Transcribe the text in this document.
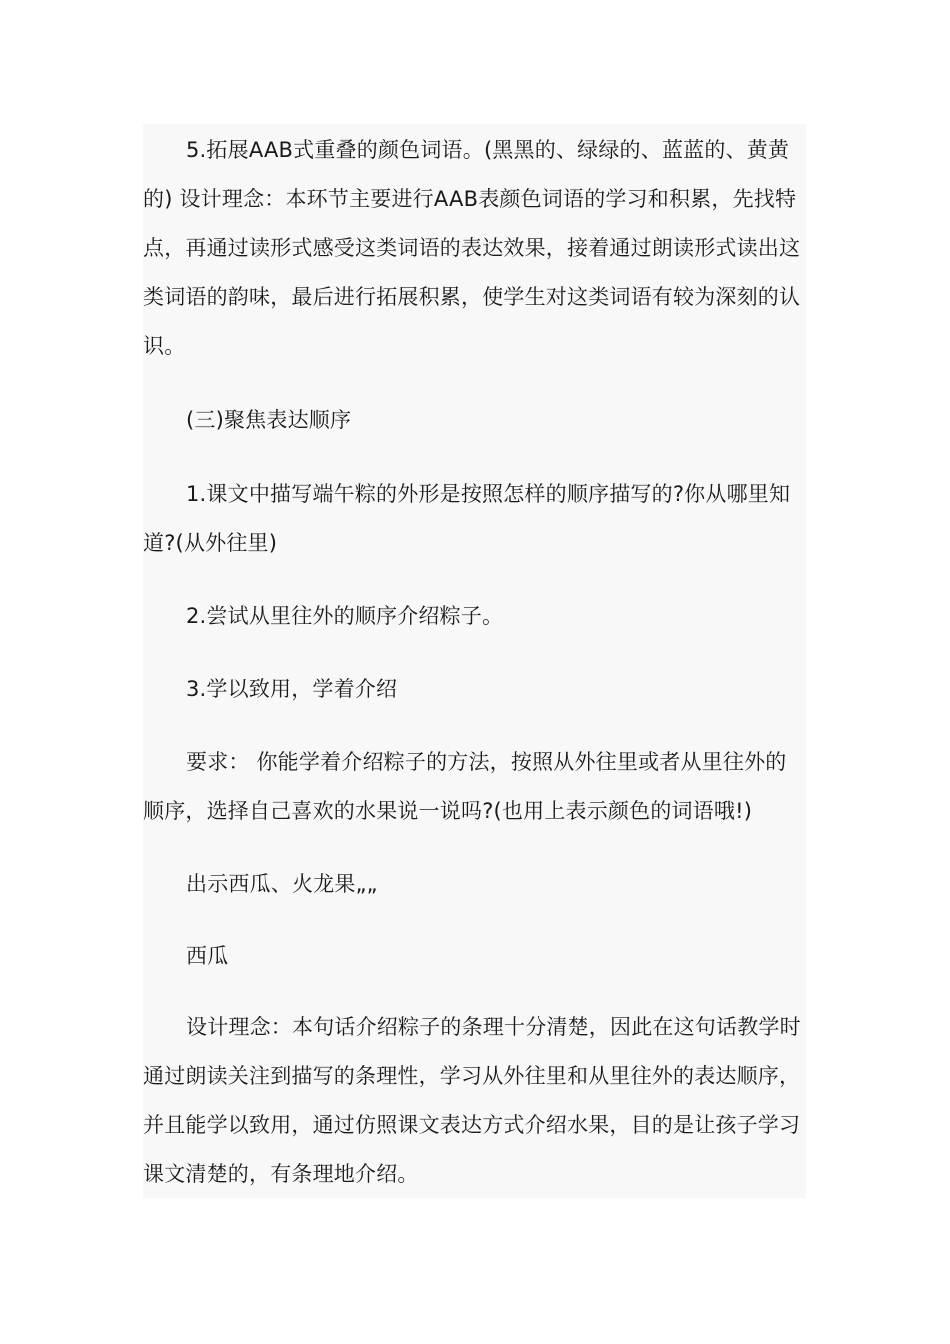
5.拓展AAB式重叠的颜色词语。(黑黑的、绿绿的、蓝蓝的、黄黄的) 设计理念：本环节主要进行AAB表颜色词语的学习和积累，先找特点，再通过读形式感受这类词语的表达效果，接着通过朗读形式读出这类词语的韵味，最后进行拓展积累，使学生对这类词语有较为深刻的认识。

(三)聚焦表达顺序

1.课文中描写端午粽的外形是按照怎样的顺序描写的?你从哪里知道?(从外往里)

2.尝试从里往外的顺序介绍粽子。

3.学以致用，学着介绍

要求： 你能学着介绍粽子的方法，按照从外往里或者从里往外的顺序，选择自己喜欢的水果说一说吗?(也用上表示颜色的词语哦!)

出示西瓜、火龙果„„

西瓜

设计理念：本句话介绍粽子的条理十分清楚，因此在这句话教学时通过朗读关注到描写的条理性，学习从外往里和从里往外的表达顺序，并且能学以致用，通过仿照课文表达方式介绍水果，目的是让孩子学习课文清楚的，有条理地介绍。
